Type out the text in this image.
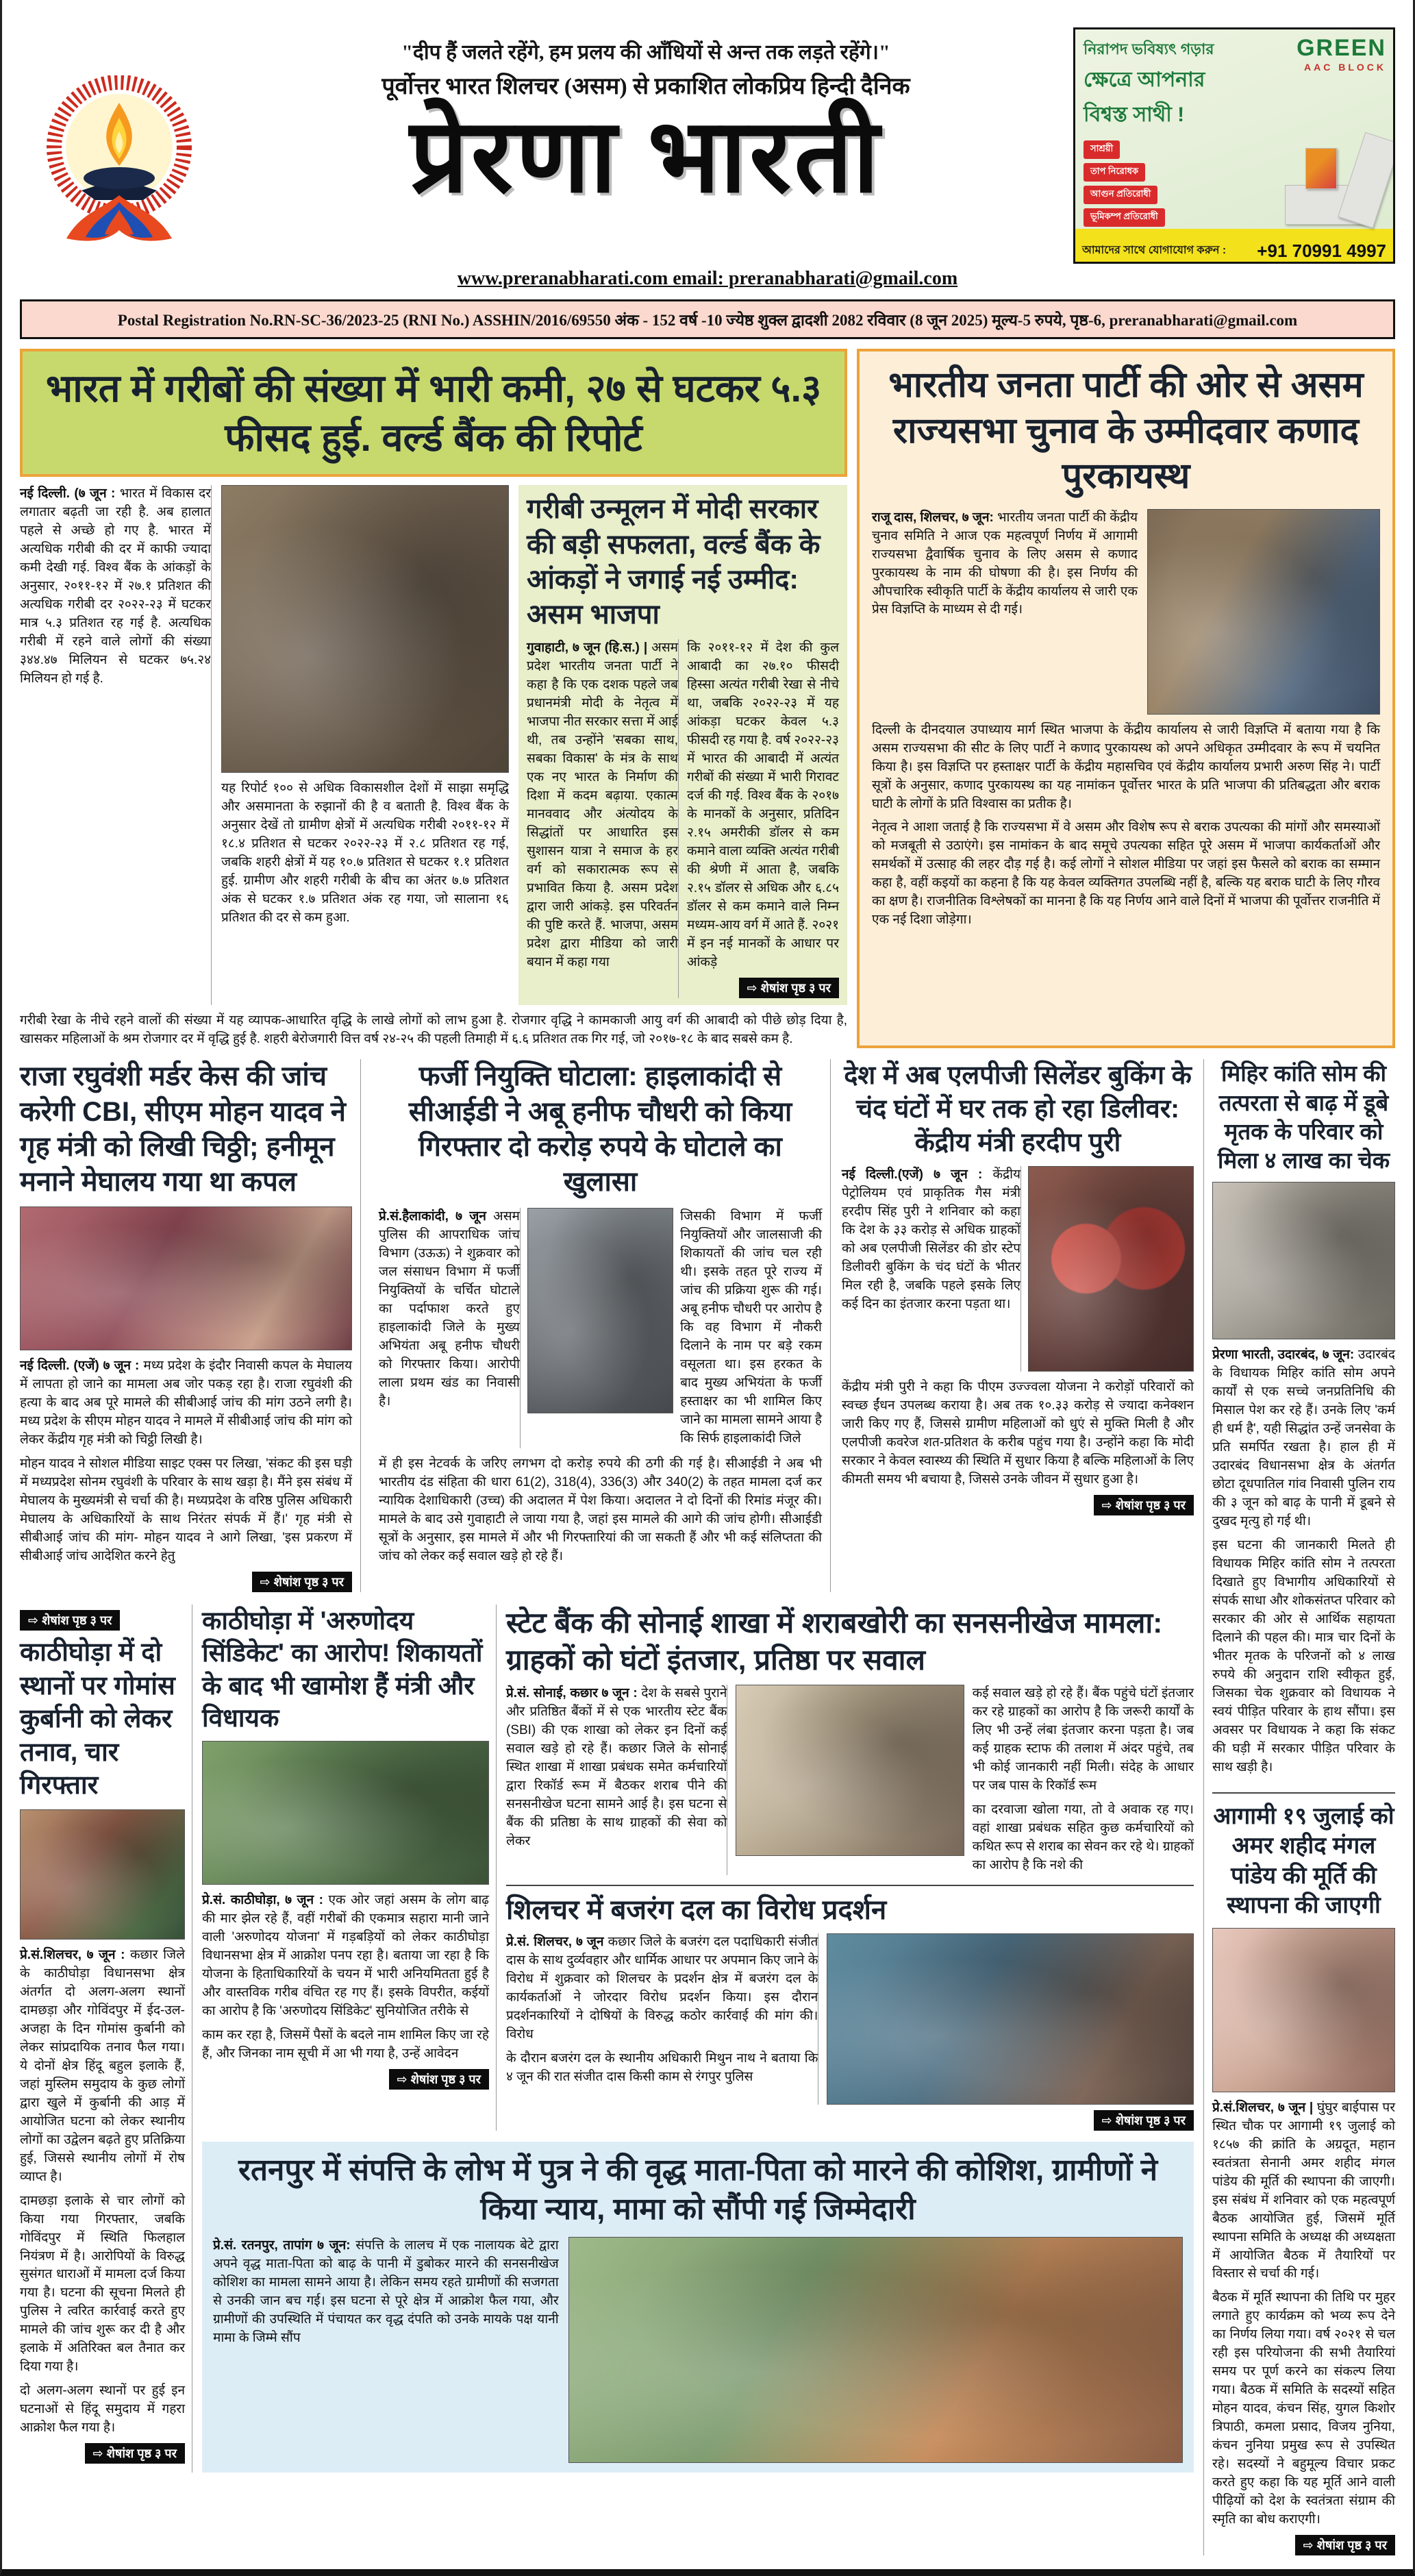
"दीप हैं जलते रहेंगे, हम प्रलय की आँधियों से अन्त तक लड़ते रहेंगे।"
पूर्वोत्तर भारत शिलचर (असम) से प्रकाशित लोकप्रिय हिन्दी दैनिक
प्रेरणा भारती
নিরাপদ ভবিষ্যৎ গড়ার
ক্ষেত্রে আপনার
বিশ্বস্ত সাথী !
সাশ্রয়ী
তাপ নিরোধক
আগুন প্রতিরোধী
ভূমিকম্প প্রতিরোধী
GREEN
AAC BLOCK
আমাদের সাথে যোগাযোগ করুন : +91 70991 4997
www.preranabharati.com email: preranabharati@gmail.com
Postal Registration No.RN-SC-36/2023-25 (RNI No.) ASSHIN/2016/69550 अंक - 152 वर्ष -10 ज्येष्ठ शुक्ल द्वादशी 2082 रविवार (8 जून 2025) मूल्य-5 रुपये, पृष्ठ-6, preranabharati@gmail.com
भारत में गरीबों की संख्या में भारी कमी, २७ से घटकर ५.३ फीसद हुई. वर्ल्ड बैंक की रिपोर्ट

नई दिल्ली. (७ जून : भारत में विकास दर लगातार बढ़ती जा रही है. अब हालात पहले से अच्छे हो गए है. भारत में अत्यधिक गरीबी की दर में काफी ज्यादा कमी देखी गई. विश्व बैंक के आंकड़ों के अनुसार, २०११-१२ में २७.१ प्रतिशत की अत्यधिक गरीबी दर २०२२-२३ में घटकर मात्र ५.३ प्रतिशत रह गई है. अत्यधिक गरीबी में रहने वाले लोगों की संख्या ३४४.४७ मिलियन से घटकर ७५.२४ मिलियन हो गई है.

यह रिपोर्ट १०० से अधिक विकासशील देशों में साझा समृद्धि और असमानता के रुझानों की है व बताती है. विश्व बैंक के अनुसार देखें तो ग्रामीण क्षेत्रों में अत्यधिक गरीबी २०११-१२ में १८.४ प्रतिशत से घटकर २०२२-२३ में २.८ प्रतिशत रह गई, जबकि शहरी क्षेत्रों में यह १०.७ प्रतिशत से घटकर १.१ प्रतिशत हुई. ग्रामीण और शहरी गरीबी के बीच का अंतर ७.७ प्रतिशत अंक से घटकर १.७ प्रतिशत अंक रह गया, जो सालाना १६ प्रतिशत की दर से कम हुआ.

गरीबी उन्मूलन में मोदी सरकार की बड़ी सफलता, वर्ल्ड बैंक के आंकड़ों ने जगाई नई उम्मीद: असम भाजपा

गुवाहाटी, ७ जून (हि.स.) | असम प्रदेश भारतीय जनता पार्टी ने कहा है कि एक दशक पहले जब प्रधानमंत्री मोदी के नेतृत्व में भाजपा नीत सरकार सत्ता में आई थी, तब उन्होंने 'सबका साथ, सबका विकास' के मंत्र के साथ एक नए भारत के निर्माण की दिशा में कदम बढ़ाया. एकात्म मानववाद और अंत्योदय के सिद्धांतों पर आधारित इस सुशासन यात्रा ने समाज के हर वर्ग को सकारात्मक रूप से प्रभावित किया है. असम प्रदेश द्वारा जारी आंकड़े. इस परिवर्तन की पुष्टि करते हैं. भाजपा, असम प्रदेश द्वारा मीडिया को जारी बयान में कहा गया

कि २०११-१२ में देश की कुल आबादी का २७.१० फीसदी हिस्सा अत्यंत गरीबी रेखा से नीचे था, जबकि २०२२-२३ में यह आंकड़ा घटकर केवल ५.३ फीसदी रह गया है. वर्ष २०२२-२३ में भारत की आबादी में अत्यंत गरीबों की संख्या में भारी गिरावट दर्ज की गई. विश्व बैंक के २०१७ के मानकों के अनुसार, प्रतिदिन २.१५ अमरीकी डॉलर से कम कमाने वाला व्यक्ति अत्यंत गरीबी की श्रेणी में आता है, जबकि २.१५ डॉलर से अधिक और ६.८५ डॉलर से कम कमाने वाले निम्न मध्यम-आय वर्ग में आते हैं. २०२१ में इन नई मानकों के आधार पर आंकड़े

⇨ शेषांश पृष्ठ ३ पर

गरीबी रेखा के नीचे रहने वालों की संख्या में यह व्यापक-आधारित वृद्धि के लाखे लोगों को लाभ हुआ है. रोजगार वृद्धि ने कामकाजी आयु वर्ग की आबादी को पीछे छोड़ दिया है, खासकर महिलाओं के श्रम रोजगार दर में वृद्धि हुई है. शहरी बेरोजगारी वित्त वर्ष २४-२५ की पहली तिमाही में ६.६ प्रतिशत तक गिर गई, जो २०१७-१८ के बाद सबसे कम है.

भारतीय जनता पार्टी की ओर से असम राज्यसभा चुनाव के उम्मीदवार कणाद पुरकायस्थ

राजू दास, शिलचर, ७ जून: भारतीय जनता पार्टी की केंद्रीय चुनाव समिति ने आज एक महत्वपूर्ण निर्णय में आगामी राज्यसभा द्वैवार्षिक चुनाव के लिए असम से कणाद पुरकायस्थ के नाम की घोषणा की है। इस निर्णय की औपचारिक स्वीकृति पार्टी के केंद्रीय कार्यालय से जारी एक प्रेस विज्ञप्ति के माध्यम से दी गई।

दिल्ली के दीनदयाल उपाध्याय मार्ग स्थित भाजपा के केंद्रीय कार्यालय से जारी विज्ञप्ति में बताया गया है कि असम राज्यसभा की सीट के लिए पार्टी ने कणाद पुरकायस्थ को अपने अधिकृत उम्मीदवार के रूप में चयनित किया है। इस विज्ञप्ति पर हस्ताक्षर पार्टी के केंद्रीय महासचिव एवं केंद्रीय कार्यालय प्रभारी अरुण सिंह ने। पार्टी सूत्रों के अनुसार, कणाद पुरकायस्थ का यह नामांकन पूर्वोत्तर भारत के प्रति भाजपा की प्रतिबद्धता और बराक घाटी के लोगों के प्रति विश्वास का प्रतीक है।

नेतृत्व ने आशा जताई है कि राज्यसभा में वे असम और विशेष रूप से बराक उपत्यका की मांगों और समस्याओं को मजबूती से उठाएंगे। इस नामांकन के बाद समूचे उपत्यका सहित पूरे असम में भाजपा कार्यकर्ताओं और समर्थकों में उत्साह की लहर दौड़ गई है। कई लोगों ने सोशल मीडिया पर जहां इस फैसले को बराक का सम्मान कहा है, वहीं कइयों का कहना है कि यह केवल व्यक्तिगत उपलब्धि नहीं है, बल्कि यह बराक घाटी के लिए गौरव का क्षण है। राजनीतिक विश्लेषकों का मानना है कि यह निर्णय आने वाले दिनों में भाजपा की पूर्वोत्तर राजनीति में एक नई दिशा जोड़ेगा।

राजा रघुवंशी मर्डर केस की जांच करेगी CBI, सीएम मोहन यादव ने गृह मंत्री को लिखी चिठ्ठी; हनीमून मनाने मेघालय गया था कपल

नई दिल्ली. (एजें) ७ जून : मध्य प्रदेश के इंदौर निवासी कपल के मेघालय में लापता हो जाने का मामला अब जोर पकड़ रहा है। राजा रघुवंशी की हत्या के बाद अब पूरे मामले की सीबीआई जांच की मांग उठने लगी है। मध्य प्रदेश के सीएम मोहन यादव ने मामले में सीबीआई जांच की मांग को लेकर केंद्रीय गृह मंत्री को चिट्ठी लिखी है।

मोहन यादव ने सोशल मीडिया साइट एक्स पर लिखा, 'संकट की इस घड़ी में मध्यप्रदेश सोनम रघुवंशी के परिवार के साथ खड़ा है। मैंने इस संबंध में मेघालय के मुख्यमंत्री से चर्चा की है। मध्यप्रदेश के वरिष्ठ पुलिस अधिकारी मेघालय के अधिकारियों के साथ निरंतर संपर्क में हैं।' गृह मंत्री से सीबीआई जांच की मांग- मोहन यादव ने आगे लिखा, 'इस प्रकरण में सीबीआई जांच आदेशित करने हेतु

⇨ शेषांश पृष्ठ ३ पर
फर्जी नियुक्ति घोटाला: हाइलाकांदी से सीआईडी ने अबू हनीफ चौधरी को किया गिरफ्तार दो करोड़ रुपये के घोटाले का खुलासा

प्रे.सं.हैलाकांदी, ७ जून असम पुलिस की आपराधिक जांच विभाग (उऊऊ) ने शुक्रवार को जल संसाधन विभाग में फर्जी नियुक्तियों के चर्चित घोटाले का पर्दाफाश करते हुए हाइलाकांदी जिले के मुख्य अभियंता अबू हनीफ चौधरी को गिरफ्तार किया। आरोपी लाला प्रथम खंड का निवासी है।

जिसकी विभाग में फर्जी नियुक्तियों और जालसाजी की शिकायतों की जांच चल रही थी। इसके तहत पूरे राज्य में जांच की प्रक्रिया शुरू की गई। अबू हनीफ चौधरी पर आरोप है कि वह विभाग में नौकरी दिलाने के नाम पर बड़े रकम वसूलता था। इस हरकत के बाद मुख्य अभियंता के फर्जी हस्ताक्षर का भी शामिल किए जाने का मामला सामने आया है कि सिर्फ हाइलाकांदी जिले

में ही इस नेटवर्क के जरिए लगभग दो करोड़ रुपये की ठगी की गई है। सीआईडी ने अब भी भारतीय दंड संहिता की धारा 61(2), 318(4), 336(3) और 340(2) के तहत मामला दर्ज कर न्यायिक देशाधिकारी (उच्च) की अदालत में पेश किया। अदालत ने दो दिनों की रिमांड मंजूर की। मामले के बाद उसे गुवाहाटी ले जाया गया है, जहां इस मामले की आगे की जांच होगी। सीआईडी सूत्रों के अनुसार, इस मामले में और भी गिरफ्तारियां की जा सकती हैं और भी कई संलिप्तता की जांच को लेकर कई सवाल खड़े हो रहे हैं।

देश में अब एलपीजी सिलेंडर बुकिंग के चंद घंटों में घर तक हो रहा डिलीवर: केंद्रीय मंत्री हरदीप पुरी

नई दिल्ली.(एजें) ७ जून : केंद्रीय पेट्रोलियम एवं प्राकृतिक गैस मंत्री हरदीप सिंह पुरी ने शनिवार को कहा कि देश के ३३ करोड़ से अधिक ग्राहकों को अब एलपीजी सिलेंडर की डोर स्टेप डिलीवरी बुकिंग के चंद घंटों के भीतर मिल रही है, जबकि पहले इसके लिए कई दिन का इंतजार करना पड़ता था।

केंद्रीय मंत्री पुरी ने कहा कि पीएम उज्ज्वला योजना ने करोड़ों परिवारों को स्वच्छ ईंधन उपलब्ध कराया है। अब तक १०.३३ करोड़ से ज्यादा कनेक्शन जारी किए गए हैं, जिससे ग्रामीण महिलाओं को धुएं से मुक्ति मिली है और एलपीजी कवरेज शत-प्रतिशत के करीब पहुंच गया है। उन्होंने कहा कि मोदी सरकार ने केवल स्वास्थ्य की स्थिति में सुधार किया है बल्कि महिलाओं के लिए कीमती समय भी बचाया है, जिससे उनके जीवन में सुधार हुआ है।

⇨ शेषांश पृष्ठ ३ पर
⇨ शेषांश पृष्ठ ३ पर
काठीघोड़ा में दो स्थानों पर गोमांस कुर्बानी को लेकर तनाव, चार गिरफ्तार

प्रे.सं.शिलचर, ७ जून : कछार जिले के काठीघोड़ा विधानसभा क्षेत्र अंतर्गत दो अलग-अलग स्थानों दामछड़ा और गोविंदपुर में ईद-उल-अजहा के दिन गोमांस कुर्बानी को लेकर सांप्रदायिक तनाव फैल गया। ये दोनों क्षेत्र हिंदू बहुल इलाके हैं, जहां मुस्लिम समुदाय के कुछ लोगों द्वारा खुले में कुर्बानी की आड़ में आयोजित घटना को लेकर स्थानीय लोगों का उद्वेलन बढ़ते हुए प्रतिक्रिया हुई, जिससे स्थानीय लोगों में रोष व्याप्त है।

दामछड़ा इलाके से चार लोगों को किया गया गिरफ्तार, जबकि गोविंदपुर में स्थिति फिलहाल नियंत्रण में है। आरोपियों के विरुद्ध सुसंगत धाराओं में मामला दर्ज किया गया है। घटना की सूचना मिलते ही पुलिस ने त्वरित कार्रवाई करते हुए मामले की जांच शुरू कर दी है और इलाके में अतिरिक्त बल तैनात कर दिया गया है।

दो अलग-अलग स्थानों पर हुई इन घटनाओं से हिंदू समुदाय में गहरा आक्रोश फैल गया है।

⇨ शेषांश पृष्ठ ३ पर
काठीघोड़ा में 'अरुणोदय सिंडिकेट' का आरोप! शिकायतों के बाद भी खामोश हैं मंत्री और विधायक

प्रे.सं. काठीघोड़ा, ७ जून : एक ओर जहां असम के लोग बाढ़ की मार झेल रहे हैं, वहीं गरीबों की एकमात्र सहारा मानी जाने वाली 'अरुणोदय योजना' में गड़बड़ियों को लेकर काठीघोड़ा विधानसभा क्षेत्र में आक्रोश पनप रहा है। बताया जा रहा है कि योजना के हिताधिकारियों के चयन में भारी अनियमितता हुई है और वास्तविक गरीब वंचित रह गए हैं। इसके विपरीत, कईयों का आरोप है कि 'अरुणोदय सिंडिकेट' सुनियोजित तरीके से

काम कर रहा है, जिसमें पैसों के बदले नाम शामिल किए जा रहे हैं, और जिनका नाम सूची में आ भी गया है, उन्हें आवेदन

⇨ शेषांश पृष्ठ ३ पर
स्टेट बैंक की सोनाई शाखा में शराबखोरी का सनसनीखेज मामला: ग्राहकों को घंटों इंतजार, प्रतिष्ठा पर सवाल

प्रे.सं. सोनाई, कछार ७ जून : देश के सबसे पुराने और प्रतिष्ठित बैंकों में से एक भारतीय स्टेट बैंक (SBI) की एक शाखा को लेकर इन दिनों कई सवाल खड़े हो रहे हैं। कछार जिले के सोनाई स्थित शाखा में शाखा प्रबंधक समेत कर्मचारियों द्वारा रिकॉर्ड रूम में बैठकर शराब पीने की सनसनीखेज घटना सामने आई है। इस घटना से बैंक की प्रतिष्ठा के साथ ग्राहकों की सेवा को लेकर

कई सवाल खड़े हो रहे हैं। बैंक पहुंचे घंटों इंतजार कर रहे ग्राहकों का आरोप है कि जरूरी कार्यों के लिए भी उन्हें लंबा इंतजार करना पड़ता है। जब कई ग्राहक स्टाफ की तलाश में अंदर पहुंचे, तब भी कोई जानकारी नहीं मिली। संदेह के आधार पर जब पास के रिकॉर्ड रूम

का दरवाजा खोला गया, तो वे अवाक रह गए। वहां शाखा प्रबंधक सहित कुछ कर्मचारियों को कथित रूप से शराब का सेवन कर रहे थे। ग्राहकों का आरोप है कि नशे की

शिलचर में बजरंग दल का विरोध प्रदर्शन

प्रे.सं. शिलचर, ७ जून कछार जिले के बजरंग दल पदाधिकारी संजीत दास के साथ दुर्व्यवहार और धार्मिक आधार पर अपमान किए जाने के विरोध में शुक्रवार को शिलचर के प्रदर्शन क्षेत्र में बजरंग दल के कार्यकर्ताओं ने जोरदार विरोध प्रदर्शन किया। इस दौरान प्रदर्शनकारियों ने दोषियों के विरुद्ध कठोर कार्रवाई की मांग की। विरोध

के दौरान बजरंग दल के स्थानीय अधिकारी मिथुन नाथ ने बताया कि ४ जून की रात संजीत दास किसी काम से रंगपुर पुलिस

⇨ शेषांश पृष्ठ ३ पर
रतनपुर में संपत्ति के लोभ में पुत्र ने की वृद्ध माता-पिता को मारने की कोशिश, ग्रामीणों ने किया न्याय, मामा को सौंपी गई जिम्मेदारी

प्रे.सं. रतनपुर, तापांग ७ जून: संपत्ति के लालच में एक नालायक बेटे द्वारा अपने वृद्ध माता-पिता को बाढ़ के पानी में डुबोकर मारने की सनसनीखेज कोशिश का मामला सामने आया है। लेकिन समय रहते ग्रामीणों की सजगता से उनकी जान बच गई। इस घटना से पूरे क्षेत्र में आक्रोश फैल गया, और ग्रामीणों की उपस्थिति में पंचायत कर वृद्ध दंपति को उनके मायके पक्ष यानी मामा के जिम्मे सौंप

मिहिर कांति सोम की तत्परता से बाढ़ में डूबे मृतक के परिवार को मिला ४ लाख का चेक

प्रेरणा भारती, उदारबंद, ७ जून: उदारबंद के विधायक मिहिर कांति सोम अपने कार्यों से एक सच्चे जनप्रतिनिधि की मिसाल पेश कर रहे हैं। उनके लिए 'कर्म ही धर्म है', यही सिद्धांत उन्हें जनसेवा के प्रति समर्पित रखता है। हाल ही में उदारबंद विधानसभा क्षेत्र के अंतर्गत छोटा दूधपातिल गांव निवासी पुलिन राय की ३ जून को बाढ़ के पानी में डूबने से दुखद मृत्यु हो गई थी।

इस घटना की जानकारी मिलते ही विधायक मिहिर कांति सोम ने तत्परता दिखाते हुए विभागीय अधिकारियों से संपर्क साधा और शोकसंतप्त परिवार को सरकार की ओर से आर्थिक सहायता दिलाने की पहल की। मात्र चार दिनों के भीतर मृतक के परिजनों को ४ लाख रुपये की अनुदान राशि स्वीकृत हुई, जिसका चेक शुक्रवार को विधायक ने स्वयं पीड़ित परिवार के हाथ सौंपा। इस अवसर पर विधायक ने कहा कि संकट की घड़ी में सरकार पीड़ित परिवार के साथ खड़ी है।

आगामी १९ जुलाई को अमर शहीद मंगल पांडेय की मूर्ति की स्थापना की जाएगी

प्रे.सं.शिलचर, ७ जून | घुंघुर बाईपास पर स्थित चौक पर आगामी १९ जुलाई को १८५७ की क्रांति के अग्रदूत, महान स्वतंत्रता सेनानी अमर शहीद मंगल पांडेय की मूर्ति की स्थापना की जाएगी। इस संबंध में शनिवार को एक महत्वपूर्ण बैठक आयोजित हुई, जिसमें मूर्ति स्थापना समिति के अध्यक्ष की अध्यक्षता में आयोजित बैठक में तैयारियों पर विस्तार से चर्चा की गई।

बैठक में मूर्ति स्थापना की तिथि पर मुहर लगाते हुए कार्यक्रम को भव्य रूप देने का निर्णय लिया गया। वर्ष २०२१ से चल रही इस परियोजना की सभी तैयारियां समय पर पूर्ण करने का संकल्प लिया गया। बैठक में समिति के सदस्यों सहित मोहन यादव, कंचन सिंह, युगल किशोर त्रिपाठी, कमला प्रसाद, विजय नुनिया, कंचन नुनिया प्रमुख रूप से उपस्थित रहे। सदस्यों ने बहुमूल्य विचार प्रकट करते हुए कहा कि यह मूर्ति आने वाली पीढ़ियों को देश के स्वतंत्रता संग्राम की स्मृति का बोध कराएगी।

⇨ शेषांश पृष्ठ ३ पर
